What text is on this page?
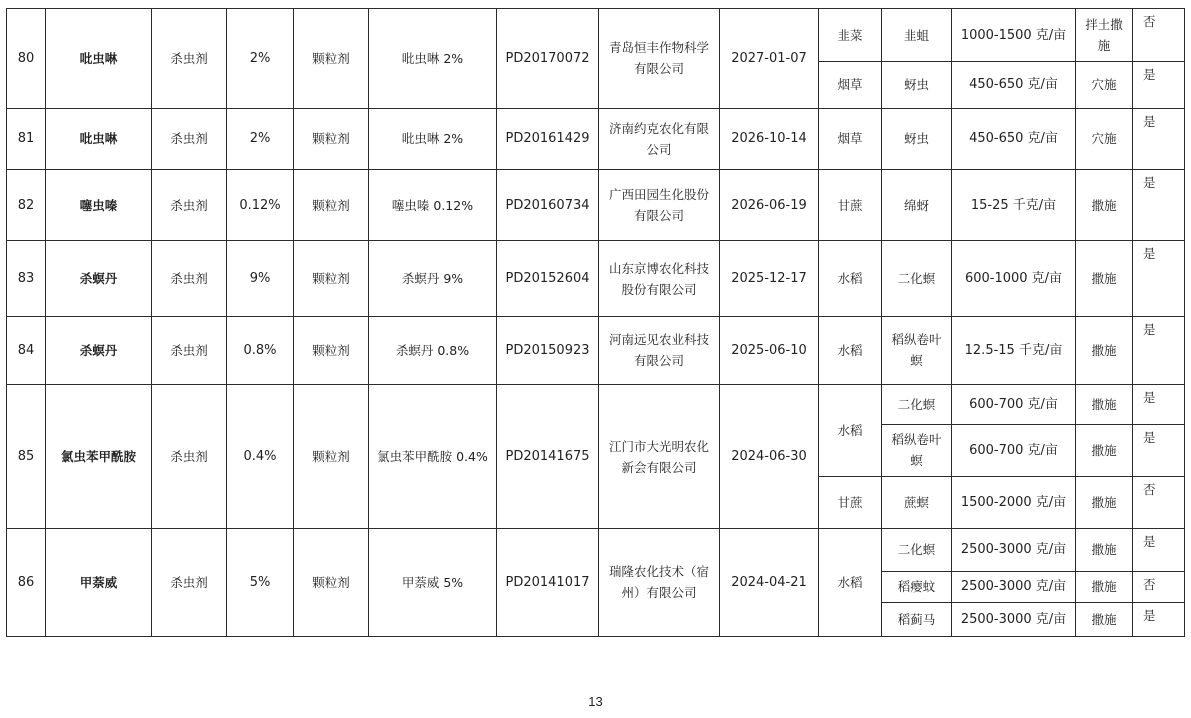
80	吡虫啉	杀虫剂	2%	颗粒剂	吡虫啉 2%	PD20170072	青岛恒丰作物科学有限公司	2027-01-07	韭菜	韭蛆	1000-1500 克/亩	拌土撒施	否
									烟草	蚜虫	450-650 克/亩	穴施	是
81	吡虫啉	杀虫剂	2%	颗粒剂	吡虫啉 2%	PD20161429	济南约克农化有限公司	2026-10-14	烟草	蚜虫	450-650 克/亩	穴施	是
82	噻虫嗪	杀虫剂	0.12%	颗粒剂	噻虫嗪 0.12%	PD20160734	广西田园生化股份有限公司	2026-06-19	甘蔗	绵蚜	15-25 千克/亩	撒施	是
83	杀螟丹	杀虫剂	9%	颗粒剂	杀螟丹 9%	PD20152604	山东京博农化科技股份有限公司	2025-12-17	水稻	二化螟	600-1000 克/亩	撒施	是
84	杀螟丹	杀虫剂	0.8%	颗粒剂	杀螟丹 0.8%	PD20150923	河南远见农业科技有限公司	2025-06-10	水稻	稻纵卷叶螟	12.5-15 千克/亩	撒施	是
85	氯虫苯甲酰胺	杀虫剂	0.4%	颗粒剂	氯虫苯甲酰胺 0.4%	PD20141675	江门市大光明农化新会有限公司	2024-06-30	水稻	二化螟	600-700 克/亩	撒施	是
										稻纵卷叶螟	600-700 克/亩	撒施	是
									甘蔗	蔗螟	1500-2000 克/亩	撒施	否
86	甲萘威	杀虫剂	5%	颗粒剂	甲萘威 5%	PD20141017	瑞隆农化技术（宿州）有限公司	2024-04-21	水稻	二化螟	2500-3000 克/亩	撒施	是
										稻瘿蚊	2500-3000 克/亩	撒施	否
										稻蓟马	2500-3000 克/亩	撒施	是
13
